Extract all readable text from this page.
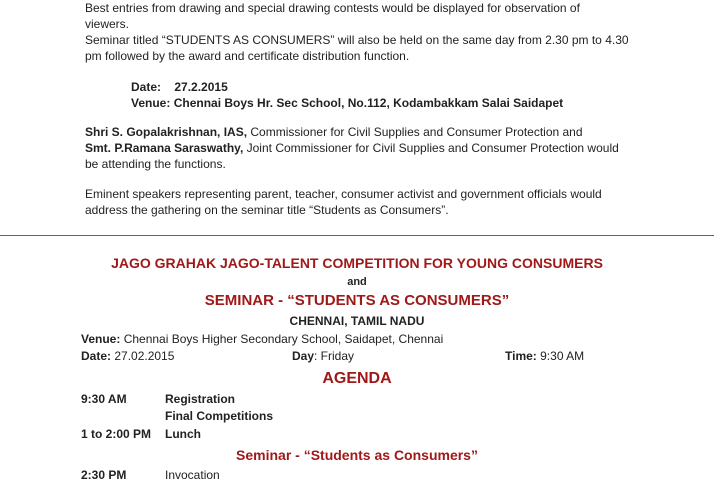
Best entries from drawing and special drawing contests would be displayed for observation of
viewers.
Seminar titled “STUDENTS AS CONSUMERS” will also be held on the same day from 2.30 pm to 4.30
pm followed by the award and certificate distribution function.
Date: 27.2.2015
Venue: Chennai Boys Hr. Sec School, No.112, Kodambakkam Salai Saidapet
Shri S. Gopalakrishnan, IAS, Commissioner for Civil Supplies and Consumer Protection and
Smt. P.Ramana Saraswathy, Joint Commissioner for Civil Supplies and Consumer Protection would
be attending the functions.
Eminent speakers representing parent, teacher, consumer activist and government officials would
address the gathering on the seminar title “Students as Consumers”.
JAGO GRAHAK JAGO-TALENT COMPETITION FOR YOUNG CONSUMERS
and
SEMINAR - “STUDENTS AS CONSUMERS”
CHENNAI, TAMIL NADU
Venue: Chennai Boys Higher Secondary School, Saidapet, Chennai
Date: 27.02.2015	Day: Friday	Time: 9:30 AM
AGENDA
9:30 AM	Registration
Final Competitions
1 to 2:00 PM Lunch
Seminar - “Students as Consumers”
2:30 PM	Invocation
